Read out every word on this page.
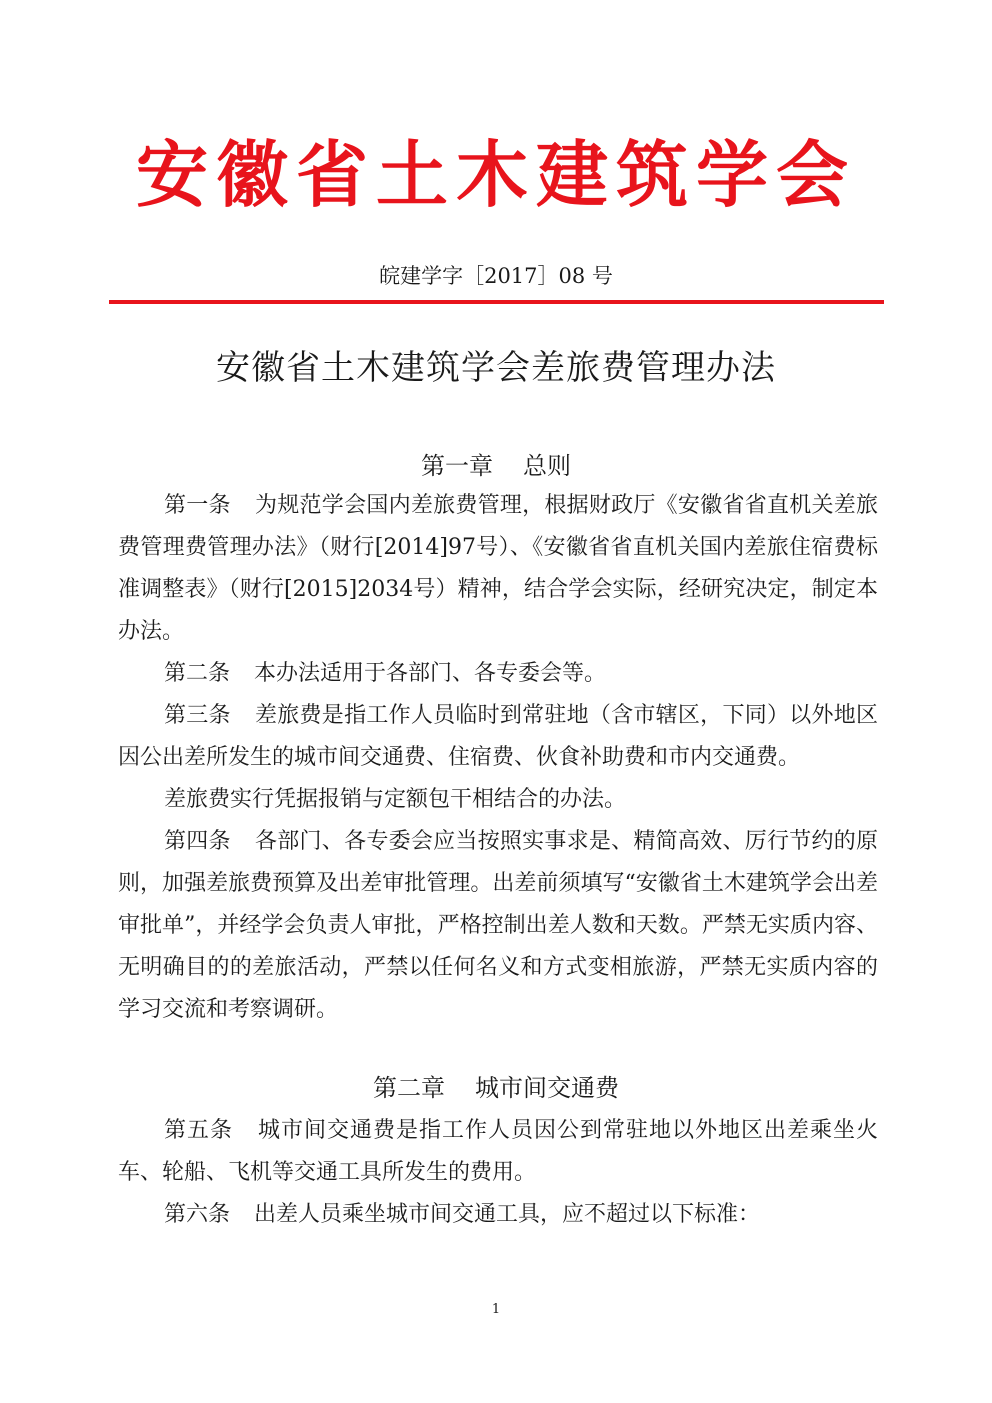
安徽省土木建筑学会
皖建学字［2017］08 号
安徽省土木建筑学会差旅费管理办法
第一章 总则

第一条 为规范学会国内差旅费管理，根据财政厅《安徽省省直机关差旅费管理费管理办法》（财行[2014]97号）、《安徽省省直机关国内差旅住宿费标准调整表》（财行[2015]2034号）精神，结合学会实际，经研究决定，制定本办法。

第二条 本办法适用于各部门、各专委会等。

第三条 差旅费是指工作人员临时到常驻地（含市辖区，下同）以外地区因公出差所发生的城市间交通费、住宿费、伙食补助费和市内交通费。

差旅费实行凭据报销与定额包干相结合的办法。

第四条 各部门、各专委会应当按照实事求是、精简高效、厉行节约的原则，加强差旅费预算及出差审批管理。出差前须填写“安徽省土木建筑学会出差审批单”，并经学会负责人审批，严格控制出差人数和天数。严禁无实质内容、无明确目的的差旅活动，严禁以任何名义和方式变相旅游，严禁无实质内容的学习交流和考察调研。

第二章 城市间交通费

第五条 城市间交通费是指工作人员因公到常驻地以外地区出差乘坐火车、轮船、飞机等交通工具所发生的费用。

第六条 出差人员乘坐城市间交通工具，应不超过以下标准：

1
